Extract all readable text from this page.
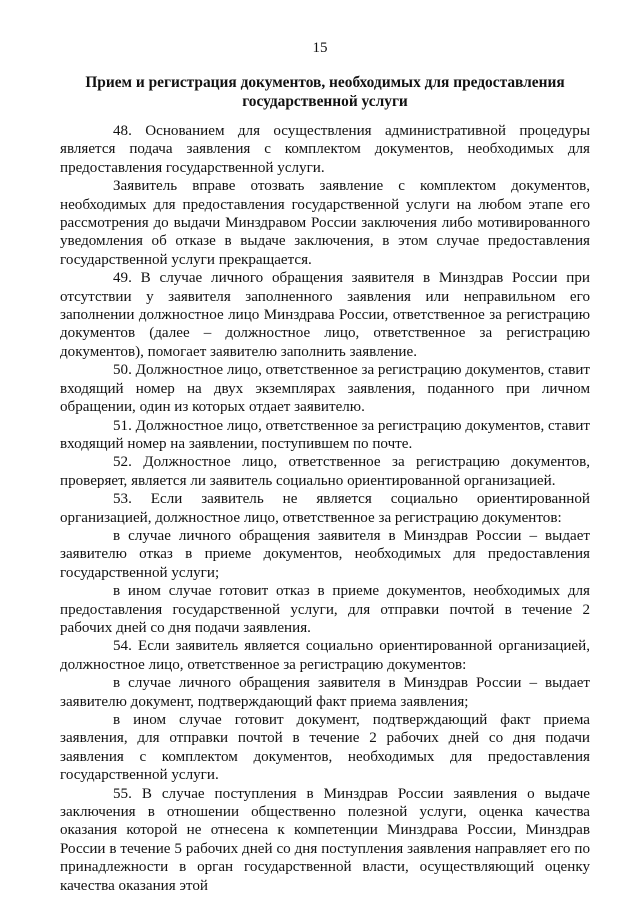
15
Прием и регистрация документов, необходимых для предоставления государственной услуги

48. Основанием для осуществления административной процедуры является подача заявления с комплектом документов, необходимых для предоставления государственной услуги.

Заявитель вправе отозвать заявление с комплектом документов, необходимых для предоставления государственной услуги на любом этапе его рассмотрения до выдачи Минздравом России заключения либо мотивированного уведомления об отказе в выдаче заключения, в этом случае предоставления государственной услуги прекращается.

49. В случае личного обращения заявителя в Минздрав России при отсутствии у заявителя заполненного заявления или неправильном его заполнении должностное лицо Минздрава России, ответственное за регистрацию документов (далее – должностное лицо, ответственное за регистрацию документов), помогает заявителю заполнить заявление.

50. Должностное лицо, ответственное за регистрацию документов, ставит входящий номер на двух экземплярах заявления, поданного при личном обращении, один из которых отдает заявителю.

51. Должностное лицо, ответственное за регистрацию документов, ставит входящий номер на заявлении, поступившем по почте.

52. Должностное лицо, ответственное за регистрацию документов, проверяет, является ли заявитель социально ориентированной организацией.

53. Если заявитель не является социально ориентированной организацией, должностное лицо, ответственное за регистрацию документов:

в случае личного обращения заявителя в Минздрав России – выдает заявителю отказ в приеме документов, необходимых для предоставления государственной услуги;

в ином случае готовит отказ в приеме документов, необходимых для предоставления государственной услуги, для отправки почтой в течение 2 рабочих дней со дня подачи заявления.

54. Если заявитель является социально ориентированной организацией, должностное лицо, ответственное за регистрацию документов:

в случае личного обращения заявителя в Минздрав России – выдает заявителю документ, подтверждающий факт приема заявления;

в ином случае готовит документ, подтверждающий факт приема заявления, для отправки почтой в течение 2 рабочих дней со дня подачи заявления с комплектом документов, необходимых для предоставления государственной услуги.

55. В случае поступления в Минздрав России заявления о выдаче заключения в отношении общественно полезной услуги, оценка качества оказания которой не отнесена к компетенции Минздрава России, Минздрав России в течение 5 рабочих дней со дня поступления заявления направляет его по принадлежности в орган государственной власти, осуществляющий оценку качества оказания этой
